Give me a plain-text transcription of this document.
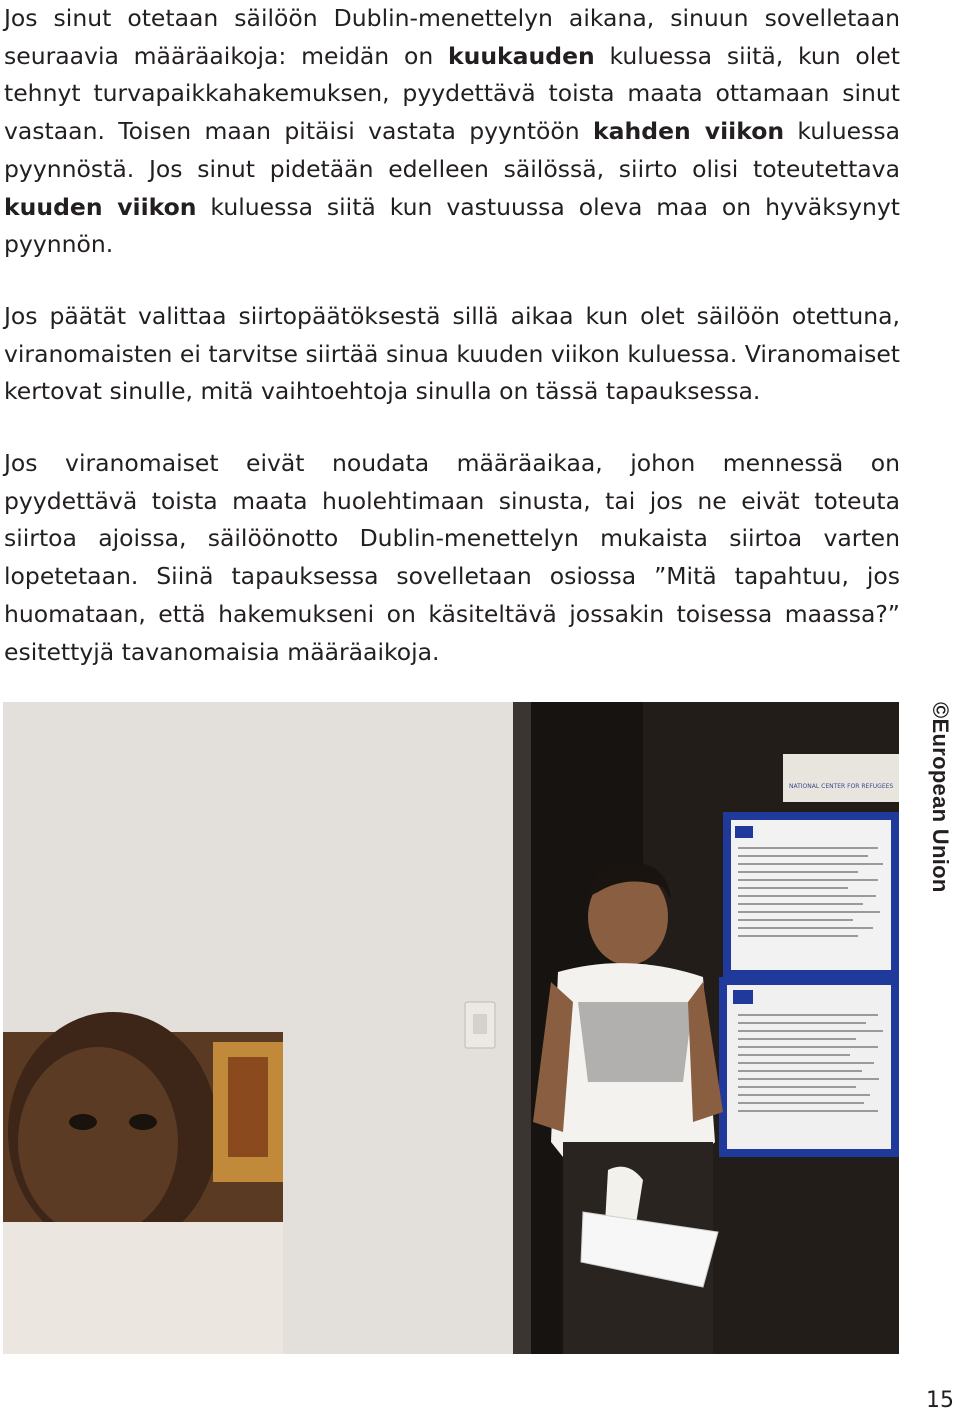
Jos sinut otetaan säilöön Dublin-menettelyn aikana, sinuun sovelletaan seuraavia määräaikoja: meidän on kuukauden kuluessa siitä, kun olet tehnyt turvapaikkahakemuksen, pyydettävä toista maata ottamaan sinut vastaan. Toisen maan pitäisi vastata pyyntöön kahden viikon kuluessa pyynnöstä. Jos sinut pidetään edelleen säilössä, siirto olisi toteutettava kuuden viikon kuluessa siitä kun vastuussa oleva maa on hyväksynyt pyynnön.

Jos päätät valittaa siirtopäätöksestä sillä aikaa kun olet säilöön otettuna, viranomaisten ei tarvitse siirtää sinua kuuden viikon kuluessa. Viranomaiset kertovat sinulle, mitä vaihtoehtoja sinulla on tässä tapauksessa.

Jos viranomaiset eivät noudata määräaikaa, johon mennessä on pyydettävä toista maata huolehtimaan sinusta, tai jos ne eivät toteuta siirtoa ajoissa, säilöönotto Dublin-menettelyn mukaista siirtoa varten lopetetaan. Siinä tapauksessa sovelletaan osiossa ”Mitä tapahtuu, jos huomataan, että hakemukseni on käsiteltävä jossakin toisessa maassa?” esitettyjä tavanomaisia määräaikoja.

NATIONAL CENTER FOR REFUGEES ©European Union
15
